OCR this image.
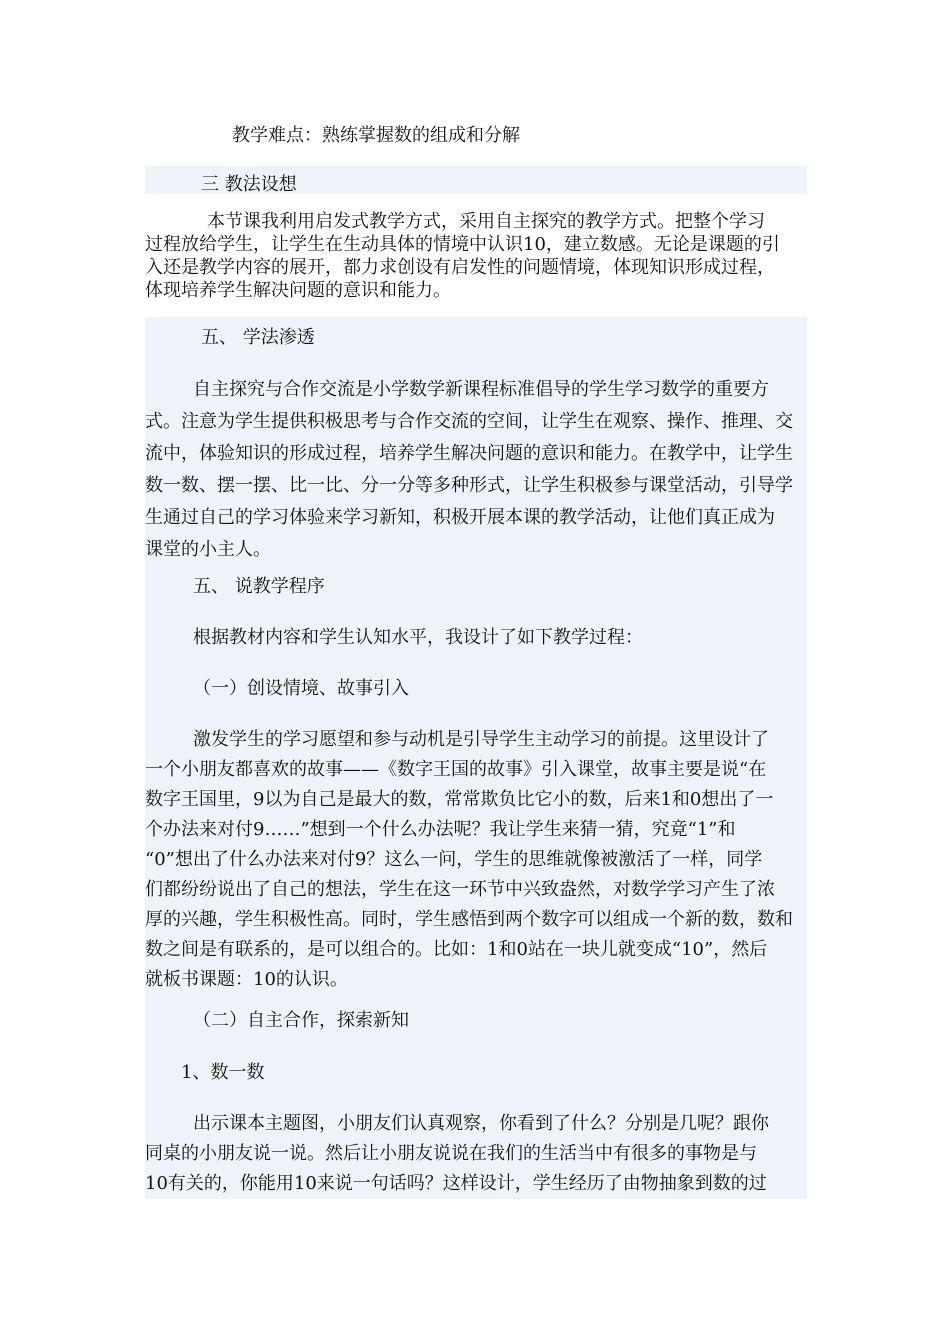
教学难点：熟练掌握数的组成和分解
三 教法设想

本节课我利用启发式教学方式，采用自主探究的教学方式。把整个学习

过程放给学生，让学生在生动具体的情境中认识10，建立数感。无论是课题的引

入还是教学内容的展开，都力求创设有启发性的问题情境，体现知识形成过程，

体现培养学生解决问题的意识和能力。

五、 学法渗透

自主探究与合作交流是小学数学新课程标准倡导的学生学习数学的重要方

式。注意为学生提供积极思考与合作交流的空间，让学生在观察、操作、推理、交

流中，体验知识的形成过程，培养学生解决问题的意识和能力。在教学中，让学生

数一数、摆一摆、比一比、分一分等多种形式，让学生积极参与课堂活动，引导学

生通过自己的学习体验来学习新知，积极开展本课的教学活动，让他们真正成为

课堂的小主人。

五、 说教学程序
根据教材内容和学生认知水平，我设计了如下教学过程：
（一）创设情境、故事引入

激发学生的学习愿望和参与动机是引导学生主动学习的前提。这里设计了

一个小朋友都喜欢的故事——《数字王国的故事》引入课堂，故事主要是说“在

数字王国里，9以为自己是最大的数，常常欺负比它小的数，后来1和0想出了一

个办法来对付9……”想到一个什么办法呢？我让学生来猜一猜，究竟“1”和

“0”想出了什么办法来对付9？这么一问，学生的思维就像被激活了一样，同学

们都纷纷说出了自己的想法，学生在这一环节中兴致盎然，对数学学习产生了浓

厚的兴趣，学生积极性高。同时，学生感悟到两个数字可以组成一个新的数，数和

数之间是有联系的，是可以组合的。比如：1和0站在一块儿就变成“10”，然后

就板书课题：10的认识。

（二）自主合作，探索新知
1、数一数

出示课本主题图，小朋友们认真观察，你看到了什么？分别是几呢？跟你

同桌的小朋友说一说。然后让小朋友说说在我们的生活当中有很多的事物是与

10有关的，你能用10来说一句话吗？这样设计，学生经历了由物抽象到数的过
